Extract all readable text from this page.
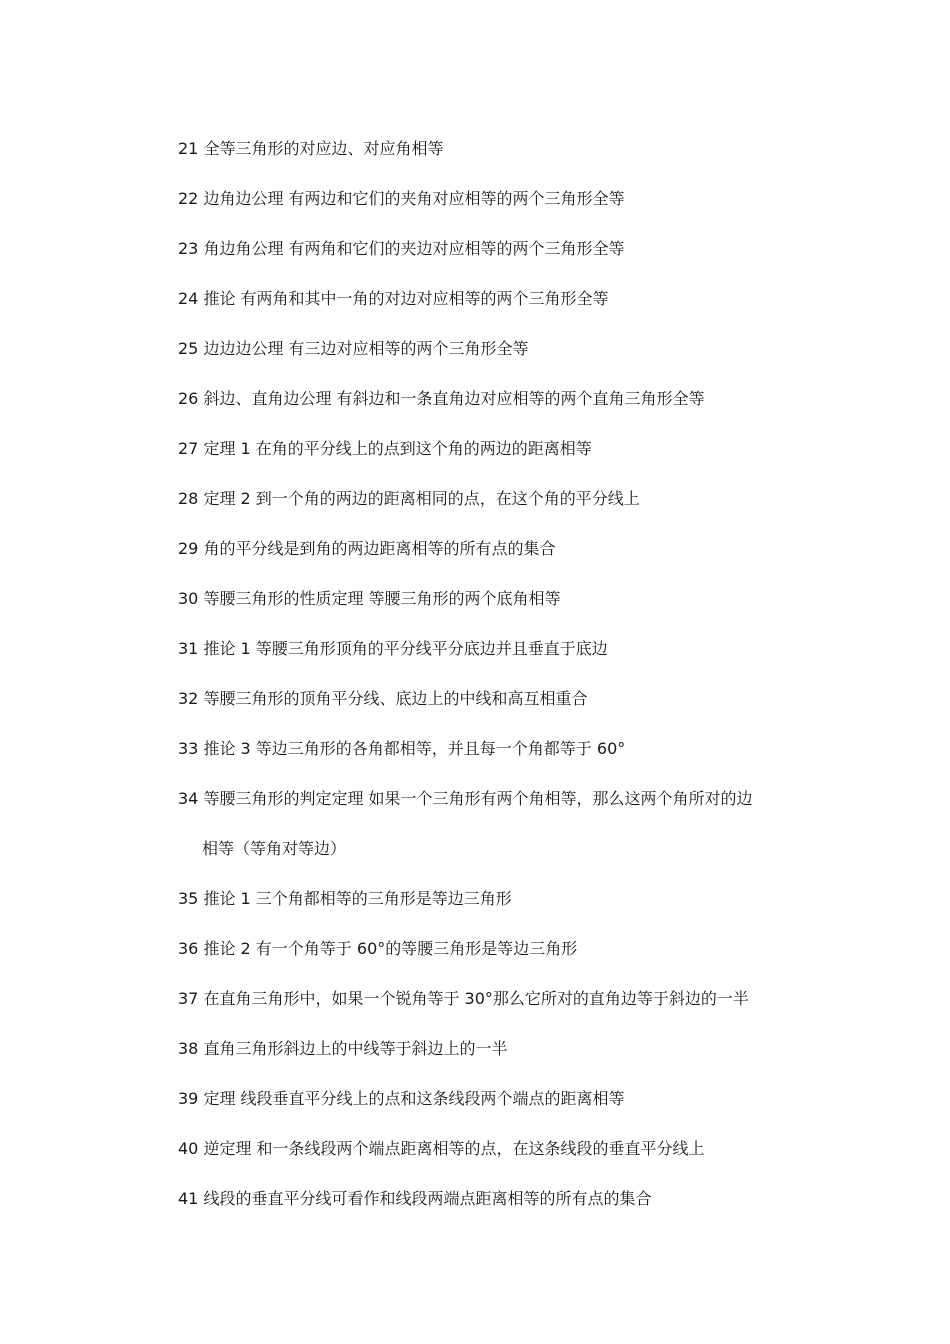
21 全等三角形的对应边、对应角相等
22 边角边公理 有两边和它们的夹角对应相等的两个三角形全等
23 角边角公理 有两角和它们的夹边对应相等的两个三角形全等
24 推论 有两角和其中一角的对边对应相等的两个三角形全等
25 边边边公理 有三边对应相等的两个三角形全等
26 斜边、直角边公理 有斜边和一条直角边对应相等的两个直角三角形全等
27 定理 1 在角的平分线上的点到这个角的两边的距离相等
28 定理 2 到一个角的两边的距离相同的点，在这个角的平分线上
29 角的平分线是到角的两边距离相等的所有点的集合
30 等腰三角形的性质定理 等腰三角形的两个底角相等
31 推论 1 等腰三角形顶角的平分线平分底边并且垂直于底边
32 等腰三角形的顶角平分线、底边上的中线和高互相重合
33 推论 3 等边三角形的各角都相等，并且每一个角都等于 60°
34 等腰三角形的判定定理 如果一个三角形有两个角相等，那么这两个角所对的边
相等（等角对等边）
35 推论 1 三个角都相等的三角形是等边三角形
36 推论 2 有一个角等于 60°的等腰三角形是等边三角形
37 在直角三角形中，如果一个锐角等于 30°那么它所对的直角边等于斜边的一半
38 直角三角形斜边上的中线等于斜边上的一半
39 定理 线段垂直平分线上的点和这条线段两个端点的距离相等
40 逆定理 和一条线段两个端点距离相等的点，在这条线段的垂直平分线上
41 线段的垂直平分线可看作和线段两端点距离相等的所有点的集合
